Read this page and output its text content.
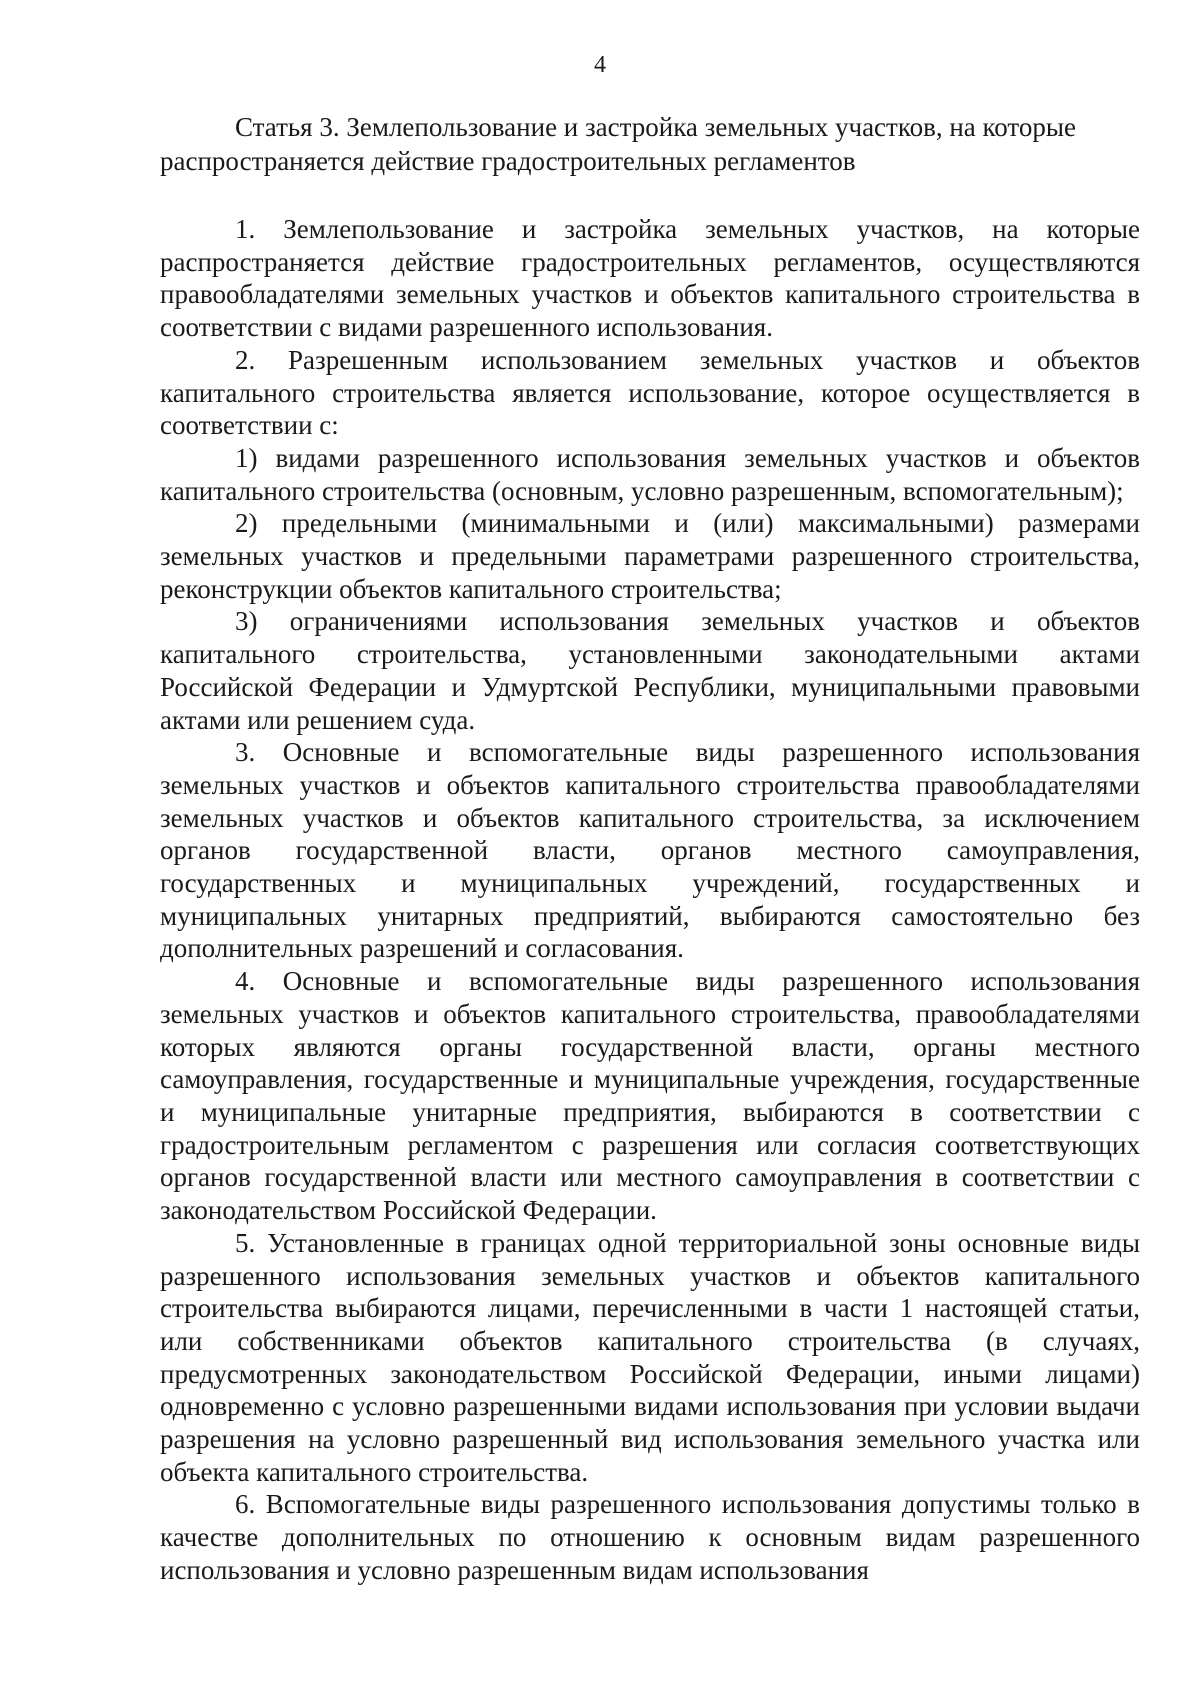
4
Статья 3. Землепользование и застройка земельных участков, на которые распространяется действие градостроительных регламентов

1. Землепользование и застройка земельных участков, на которые распространяется действие градостроительных регламентов, осуществляются правообладателями земельных участков и объектов капитального строительства в соответствии с видами разрешенного использования.

2. Разрешенным использованием земельных участков и объектов капитального строительства является использование, которое осуществляется в соответствии с:

1) видами разрешенного использования земельных участков и объектов капитального строительства (основным, условно разрешенным, вспомогательным);

2) предельными (минимальными и (или) максимальными) размерами земельных участков и предельными параметрами разрешенного строительства, реконструкции объектов капитального строительства;

3) ограничениями использования земельных участков и объектов капитального строительства, установленными законодательными актами Российской Федерации и Удмуртской Республики, муниципальными правовыми актами или решением суда.

3. Основные и вспомогательные виды разрешенного использования земельных участков и объектов капитального строительства правообладателями земельных участков и объектов капитального строительства, за исключением органов государственной власти, органов местного самоуправления, государственных и муниципальных учреждений, государственных и муниципальных унитарных предприятий, выбираются самостоятельно без дополнительных разрешений и согласования.

4. Основные и вспомогательные виды разрешенного использования земельных участков и объектов капитального строительства, правообладателями которых являются органы государственной власти, органы местного самоуправления, государственные и муниципальные учреждения, государственные и муниципальные унитарные предприятия, выбираются в соответствии с градостроительным регламентом с разрешения или согласия соответствующих органов государственной власти или местного самоуправления в соответствии с законодательством Российской Федерации.

5. Установленные в границах одной территориальной зоны основные виды разрешенного использования земельных участков и объектов капитального строительства выбираются лицами, перечисленными в части 1 настоящей статьи, или собственниками объектов капитального строительства (в случаях, предусмотренных законодательством Российской Федерации, иными лицами) одновременно с условно разрешенными видами использования при условии выдачи разрешения на условно разрешенный вид использования земельного участка или объекта капитального строительства.

6. Вспомогательные виды разрешенного использования допустимы только в качестве дополнительных по отношению к основным видам разрешенного использования и условно разрешенным видам использования
